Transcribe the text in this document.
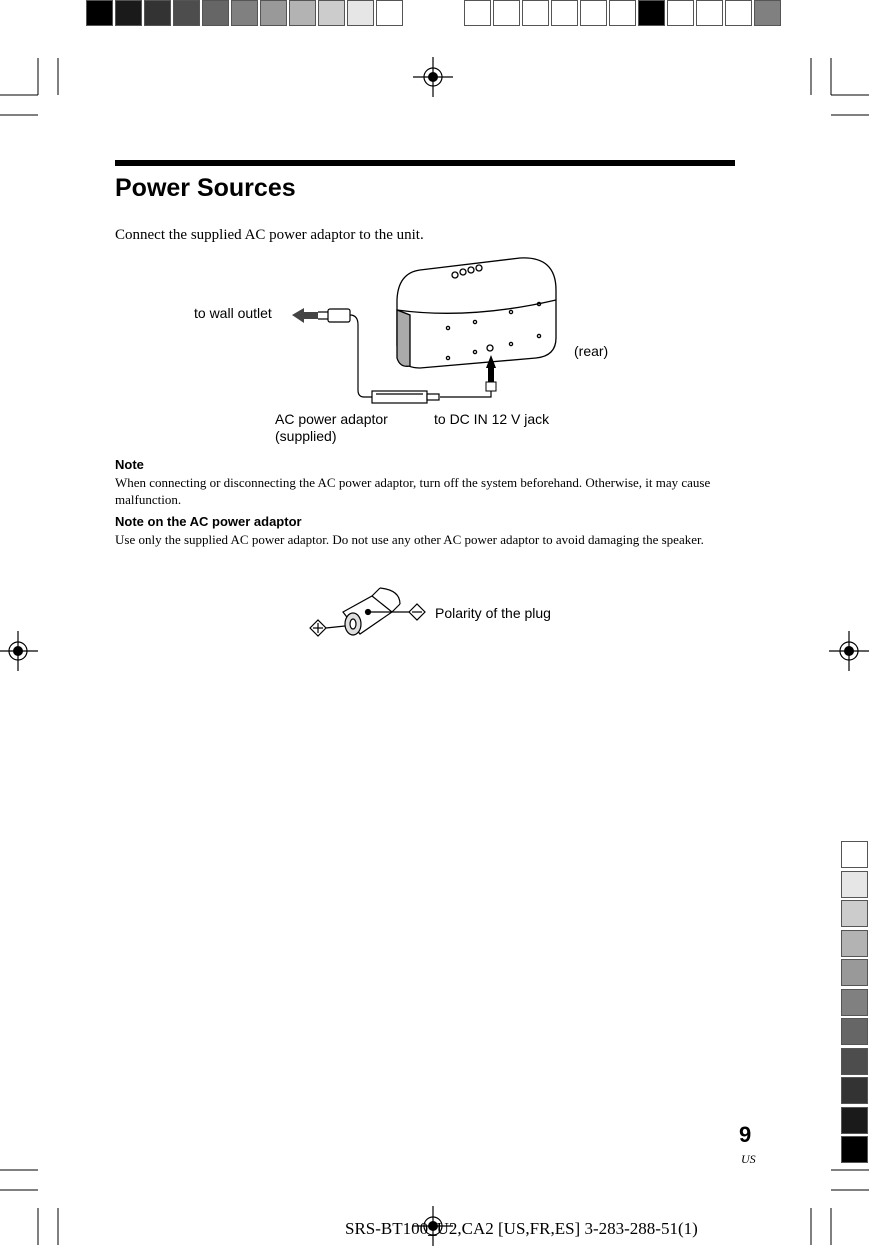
Power Sources
Connect the supplied AC power adaptor to the unit.
to wall outlet
(rear)
AC power adaptor
(supplied)
to DC IN 12 V jack
Note
When connecting or disconnecting the AC power adaptor, turn off the system beforehand. Otherwise, it may cause malfunction.
Note on the AC power adaptor
Use only the supplied AC power adaptor. Do not use any other AC power adaptor to avoid damaging the speaker.
Polarity of the plug
9
US
SRS-BT100_U2,CA2 [US,FR,ES] 3-283-288-51(1)
